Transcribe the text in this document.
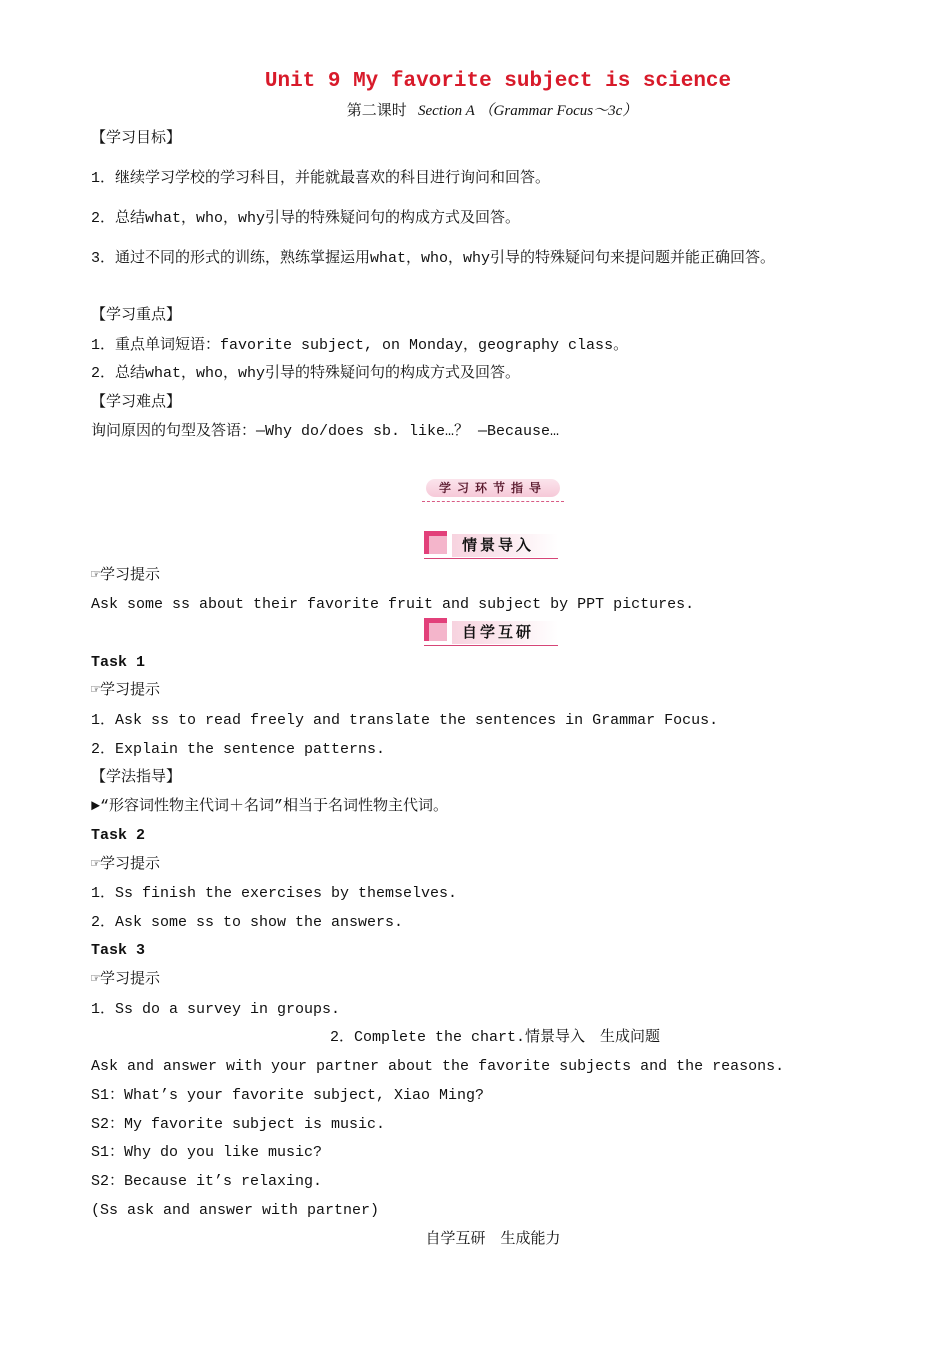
Unit 9 My favorite subject is science
第二课时 Section A （Grammar Focus～3c）
【学习目标】
1．继续学习学校的学习科目，并能就最喜欢的科目进行询问和回答。
2．总结what，who，why引导的特殊疑问句的构成方式及回答。
3．通过不同的形式的训练，熟练掌握运用what，who，why引导的特殊疑问句来提问题并能正确回答。
【学习重点】
1．重点单词短语：favorite subject, on Monday，geography class。
2．总结what，who，why引导的特殊疑问句的构成方式及回答。
【学习难点】
询问原因的句型及答语：—Why do/does sb. like…？ —Because…
学习环节指导
情景导入
☞学习提示
Ask some ss about their favorite fruit and subject by PPT pictures.
自学互研
Task 1
☞学习提示
1．Ask ss to read freely and translate the sentences in Grammar Focus.
2．Explain the sentence patterns.
【学法指导】
►“形容词性物主代词＋名词”相当于名词性物主代词。
Task 2
☞学习提示
1．Ss finish the exercises by themselves.
2．Ask some ss to show the answers.
Task 3
☞学习提示
1．Ss do a survey in groups.
2．Complete the chart.情景导入　生成问题
Ask and answer with your partner about the favorite subjects and the reasons.
S1：What’s your favorite subject, Xiao Ming?
S2：My favorite subject is music.
S1：Why do you like music?
S2：Because it’s relaxing.
(Ss ask and answer with partner)
自学互研　生成能力
